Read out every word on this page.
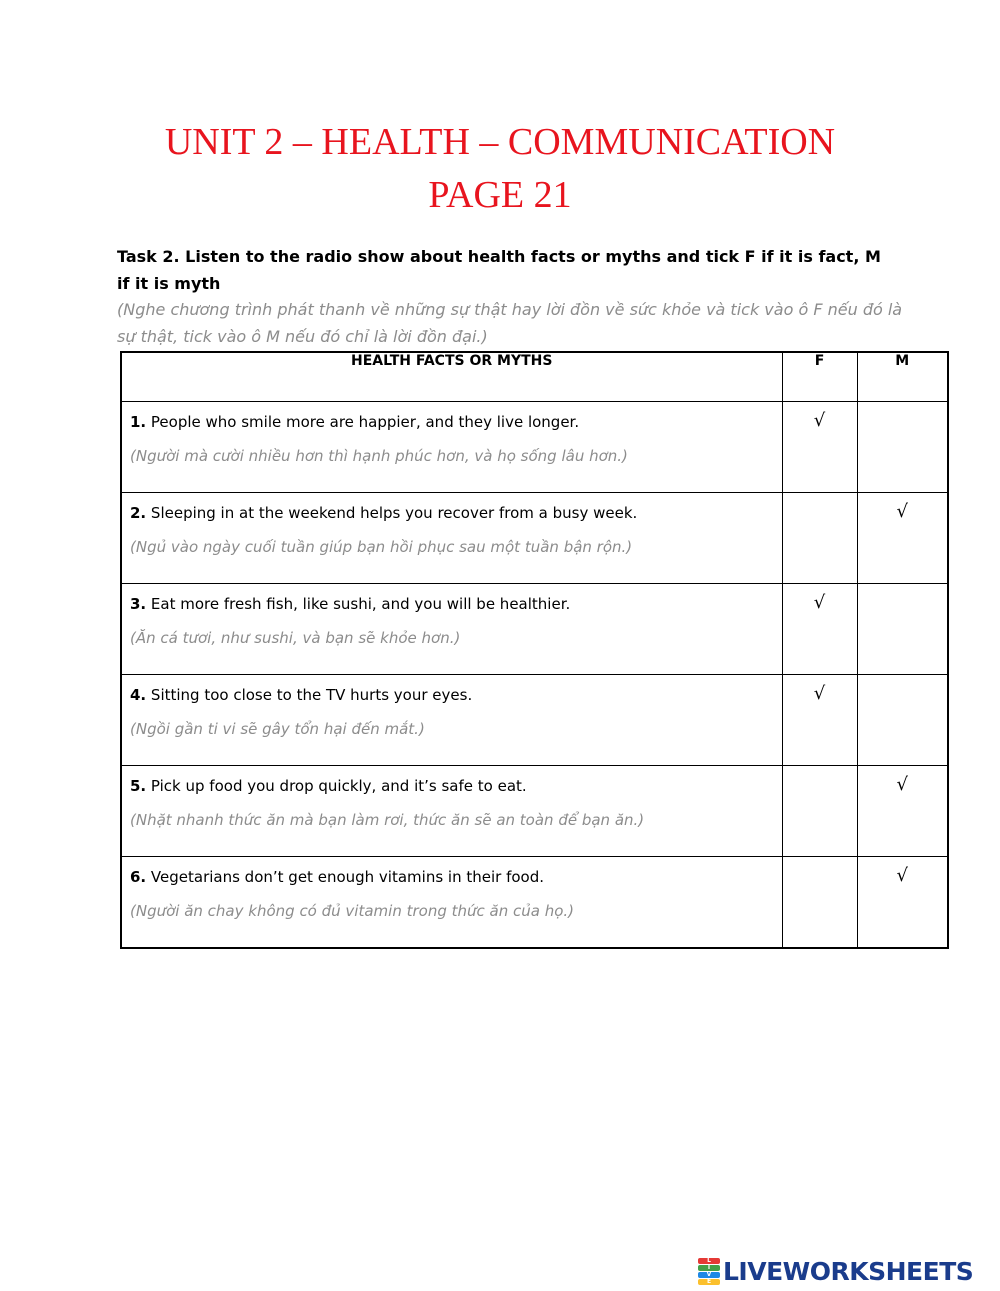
UNIT 2 – HEALTH – COMMUNICATION
PAGE 21
Task 2. Listen to the radio show about health facts or myths and tick F if it is fact, M if it is myth
(Nghe chương trình phát thanh về những sự thật hay lời đồn về sức khỏe và tick vào ô F nếu đó là sự thật, tick vào ô M nếu đó chỉ là lời đồn đại.)
HEALTH FACTS OR MYTHS	F	M

1. People who smile more are happier, and they live longer.
(Người mà cười nhiều hơn thì hạnh phúc hơn, và họ sống lâu hơn.)	√	

2. Sleeping in at the weekend helps you recover from a busy week.
(Ngủ vào ngày cuối tuần giúp bạn hồi phục sau một tuần bận rộn.)		√

3. Eat more fresh fish, like sushi, and you will be healthier.
(Ăn cá tươi, như sushi, và bạn sẽ khỏe hơn.)	√	

4. Sitting too close to the TV hurts your eyes.
(Ngồi gần ti vi sẽ gây tổn hại đến mắt.)	√	

5. Pick up food you drop quickly, and it’s safe to eat.
(Nhặt nhanh thức ăn mà bạn làm rơi, thức ăn sẽ an toàn để bạn ăn.)		√

6. Vegetarians don’t get enough vitamins in their food.
(Người ăn chay không có đủ vitamin trong thức ăn của họ.)		√
L
I
V
E LIVEWORKSHEETS
